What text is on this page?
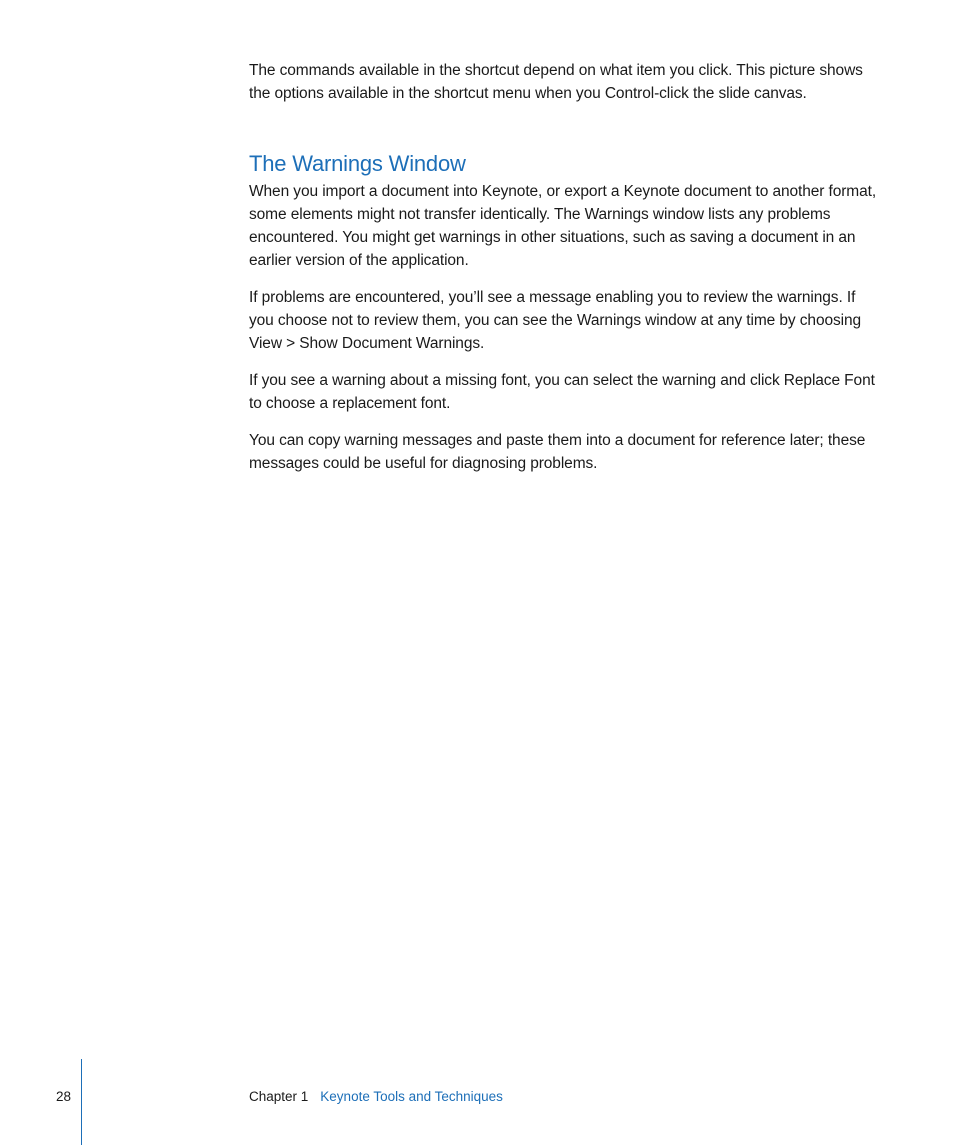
The commands available in the shortcut depend on what item you click. This picture shows the options available in the shortcut menu when you Control-click the slide canvas.

The Warnings Window

When you import a document into Keynote, or export a Keynote document to another format, some elements might not transfer identically. The Warnings window lists any problems encountered. You might get warnings in other situations, such as saving a document in an earlier version of the application.

If problems are encountered, you’ll see a message enabling you to review the warnings. If you choose not to review them, you can see the Warnings window at any time by choosing View > Show Document Warnings.

If you see a warning about a missing font, you can select the warning and click Replace Font to choose a replacement font.

You can copy warning messages and paste them into a document for reference later; these messages could be useful for diagnosing problems.

28	Chapter 1 Keynote Tools and Techniques
